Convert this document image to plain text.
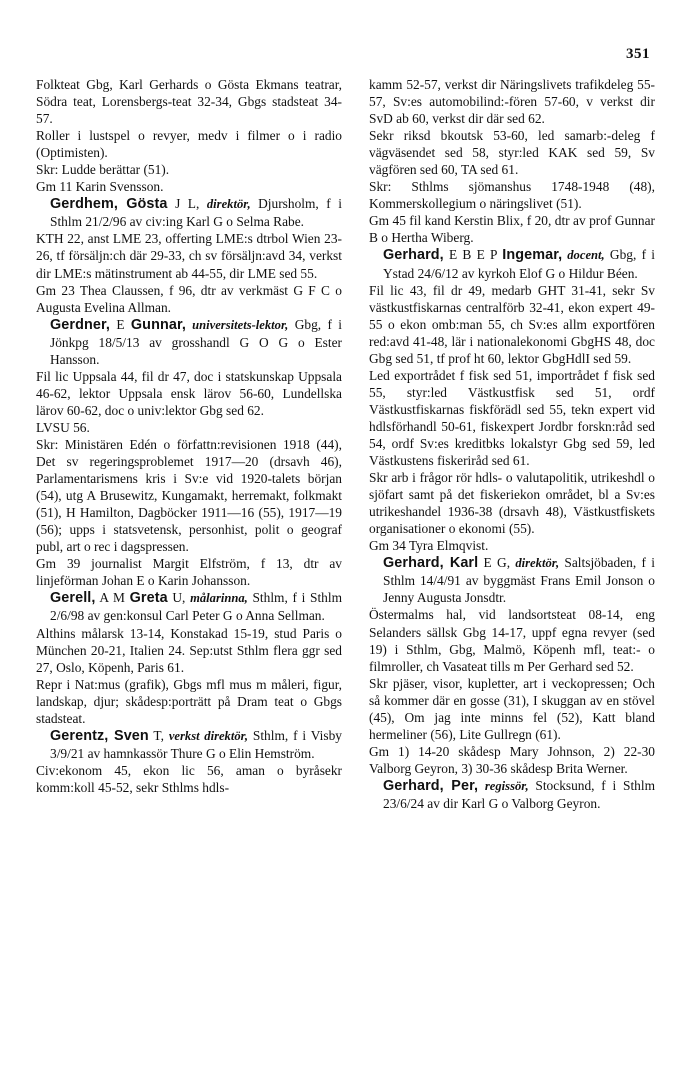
351

Folkteat Gbg, Karl Gerhards o Gösta Ekmans teatrar, Södra teat, Lorensbergs-teat 32-34, Gbgs stadsteat 34-57.

Roller i lustspel o revyer, medv i filmer o i radio (Optimisten).

Skr: Ludde berättar (51).

Gm 11 Karin Svensson.

Gerdhem, Gösta J L, direktör, Djursholm, f i Sthlm 21/2/96 av civ:ing Karl G o Selma Rabe.

KTH 22, anst LME 23, offerting LME:s dtrbol Wien 23-26, tf försäljn:ch där 29-33, ch sv försäljn:avd 34, verkst dir LME:s mätinstrument ab 44-55, dir LME sed 55.

Gm 23 Thea Claussen, f 96, dtr av verkmäst G F C o Augusta Evelina Allman.

Gerdner, E Gunnar, universitets-lektor, Gbg, f i Jönkpg 18/5/13 av grosshandl G O G o Ester Hansson.

Fil lic Uppsala 44, fil dr 47, doc i statskunskap Uppsala 46-62, lektor Uppsala ensk lärov 56-60, Lundellska lärov 60-62, doc o univ:lektor Gbg sed 62.

LVSU 56.

Skr: Ministären Edén o författn:revisionen 1918 (44), Det sv regeringsproblemet 1917—20 (drsavh 46), Parlamentarismens kris i Sv:e vid 1920-talets början (54), utg A Brusewitz, Kungamakt, herremakt, folkmakt (51), H Hamilton, Dagböcker 1911—16 (55), 1917—19 (56); upps i statsvetensk, personhist, polit o geograf publ, art o rec i dagspressen.

Gm 39 journalist Margit Elfström, f 13, dtr av linjeförman Johan E o Karin Johansson.

Gerell, A M Greta U, målarinna, Sthlm, f i Sthlm 2/6/98 av gen:konsul Carl Peter G o Anna Sellman.

Althins målarsk 13-14, Konstakad 15-19, stud Paris o München 20-21, Italien 24. Sep:utst Sthlm flera ggr sed 27, Oslo, Köpenh, Paris 61.

Repr i Nat:mus (grafik), Gbgs mfl mus m måleri, figur, landskap, djur; skådesp:porträtt på Dram teat o Gbgs stadsteat.

Gerentz, Sven T, verkst direktör, Sthlm, f i Visby 3/9/21 av hamnkassör Thure G o Elin Hemström.

Civ:ekonom 45, ekon lic 56, aman o byråsekr komm:koll 45-52, sekr Sthlms hdls-

kamm 52-57, verkst dir Näringslivets trafikdeleg 55-57, Sv:es automobilind:-fören 57-60, v verkst dir SvD ab 60, verkst dir där sed 62.

Sekr riksd bkoutsk 53-60, led samarb:-deleg f vägväsendet sed 58, styr:led KAK sed 59, Sv vägfören sed 60, TA sed 61.

Skr: Sthlms sjömanshus 1748-1948 (48), Kommerskollegium o näringslivet (51).

Gm 45 fil kand Kerstin Blix, f 20, dtr av prof Gunnar B o Hertha Wiberg.

Gerhard, E B E P Ingemar, docent, Gbg, f i Ystad 24/6/12 av kyrkoh Elof G o Hildur Béen.

Fil lic 43, fil dr 49, medarb GHT 31-41, sekr Sv västkustfiskarnas centralförb 32-41, ekon expert 49-55 o ekon omb:man 55, ch Sv:es allm exportfören red:avd 41-48, lär i nationalekonomi GbgHS 48, doc Gbg sed 51, tf prof ht 60, lektor GbgHdlI sed 59.

Led exportrådet f fisk sed 51, importrådet f fisk sed 55, styr:led Västkustfisk sed 51, ordf Västkustfiskarnas fiskförädl sed 55, tekn expert vid hdlsförhandl 50-61, fiskexpert Jordbr forskn:råd sed 54, ordf Sv:es kreditbks lokalstyr Gbg sed 59, led Västkustens fiskeriråd sed 61.

Skr arb i frågor rör hdls- o valutapolitik, utrikeshdl o sjöfart samt på det fiskeriekon området, bl a Sv:es utrikeshandel 1936-38 (drsavh 48), Västkustfiskets organisationer o ekonomi (55).

Gm 34 Tyra Elmqvist.

Gerhard, Karl E G, direktör, Saltsjöbaden, f i Sthlm 14/4/91 av byggmäst Frans Emil Jonson o Jenny Augusta Jonsdtr.

Östermalms hal, vid landsortsteat 08-14, eng Selanders sällsk Gbg 14-17, uppf egna revyer (sed 19) i Sthlm, Gbg, Malmö, Köpenh mfl, teat:- o filmroller, ch Vasateat tills m Per Gerhard sed 52.

Skr pjäser, visor, kupletter, art i veckopressen; Och så kommer där en gosse (31), I skuggan av en stövel (45), Om jag inte minns fel (52), Katt bland hermeliner (56), Lite Gullregn (61).

Gm 1) 14-20 skådesp Mary Johnson, 2) 22-30 Valborg Geyron, 3) 30-36 skådesp Brita Werner.

Gerhard, Per, regissör, Stocksund, f i Sthlm 23/6/24 av dir Karl G o Valborg Geyron.
